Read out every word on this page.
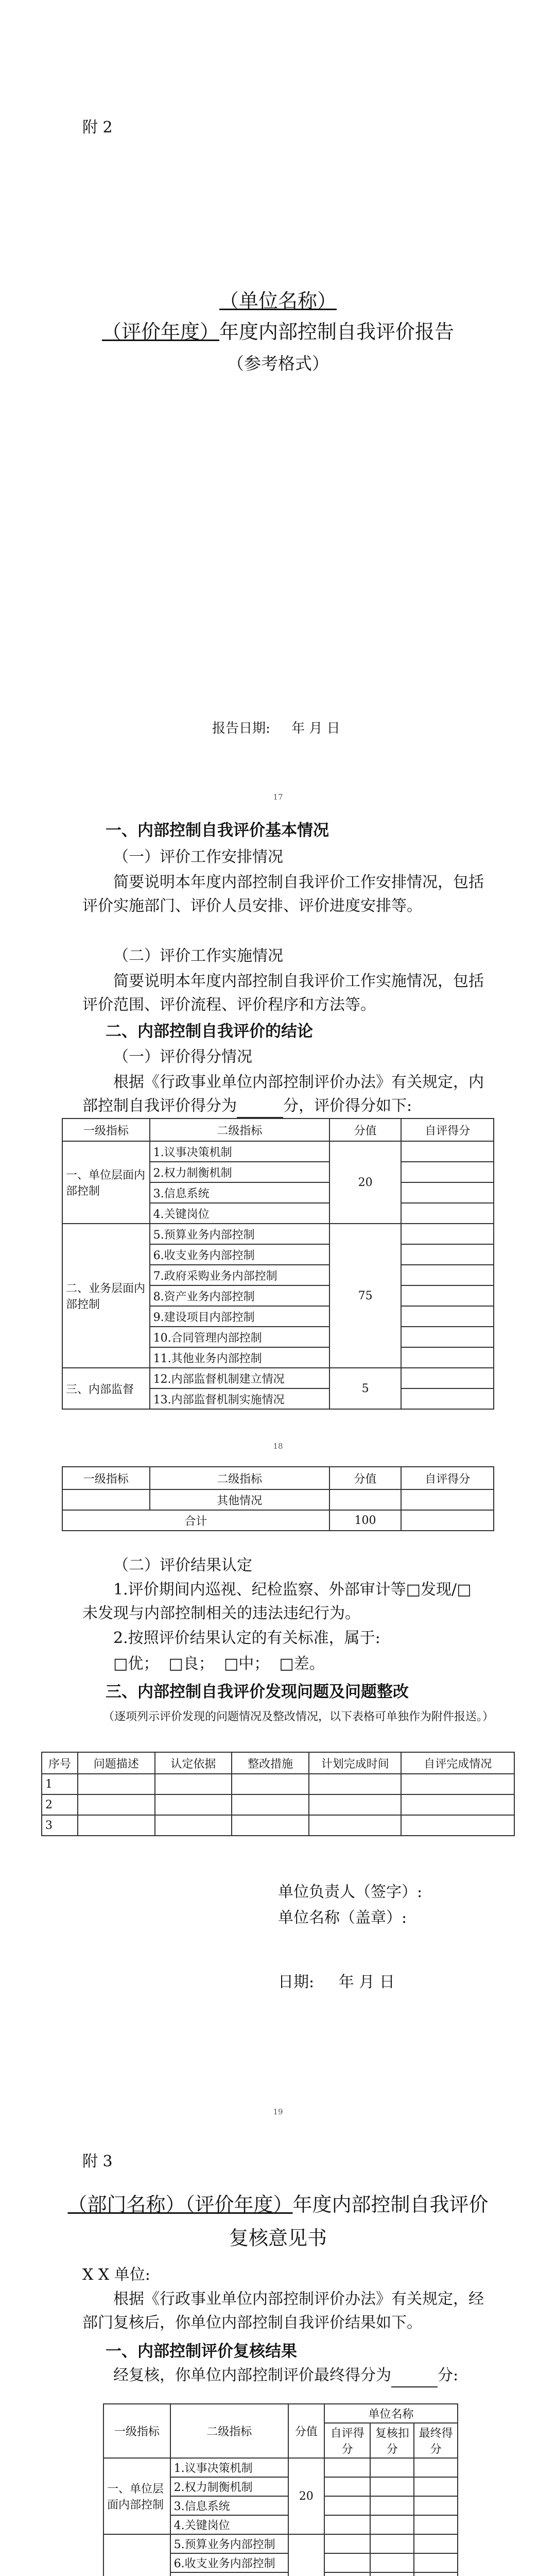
附 2
（单位名称）
（评价年度）年度内部控制自我评价报告
（参考格式）
报告日期: 年 月 日
17
一、内部控制自我评价基本情况
（一）评价工作安排情况
简要说明本年度内部控制自我评价工作安排情况，包括评价实施部门、评价人员安排、评价进度安排等。
（二）评价工作实施情况
简要说明本年度内部控制自我评价工作实施情况，包括评价范围、评价流程、评价程序和方法等。
二、内部控制自我评价的结论
（一）评价得分情况
根据《行政事业单位内部控制评价办法》有关规定，内部控制自我评价得分为	分，评价得分如下:
一级指标	二级指标	分值	自评得分
一、单位层面内部控制	1.议事决策机制	20	
	2.权力制衡机制		
	3.信息系统		
	4.关键岗位		
二、业务层面内部控制	5.预算业务内部控制	75	
	6.收支业务内部控制		
	7.政府采购业务内部控制		
	8.资产业务内部控制		
	9.建设项目内部控制		
	10.合同管理内部控制		
	11.其他业务内部控制		
三、内部监督	12.内部监督机制建立情况	5	
	13.内部监督机制实施情况		
18
一级指标	二级指标	分值	自评得分
	其他情况		
合计		100	
（二）评价结果认定
1.评价期间内巡视、纪检监察、外部审计等□发现/□未发现与内部控制相关的违法违纪行为。
2.按照评价结果认定的有关标准，属于:
□优； □良； □中； □差。
三、内部控制自我评价发现问题及问题整改
（逐项列示评价发现的问题情况及整改情况，以下表格可单独作为附件报送。）
序号	问题描述	认定依据	整改措施	计划完成时间	自评完成情况
1					
2					
3					
单位负责人（签字）:
单位名称（盖章）:
日期: 年 月 日
19
附 3
（部门名称）（评价年度）年度内部控制自我评价
复核意见书
X X 单位:
根据《行政事业单位内部控制评价办法》有关规定，经部门复核后，你单位内部控制自我评价结果如下。
一、内部控制评价复核结果
经复核，你单位内部控制评价最终得分为	分:
一级指标	二级指标	分值	单位名称		
			自评得分	复核扣分	最终得分
一、单位层面内部控制	1.议事决策机制	20			
	2.权力制衡机制				
	3.信息系统				
	4.关键岗位				
	5.预算业务内部控制				
	6.收支业务内部控制				
